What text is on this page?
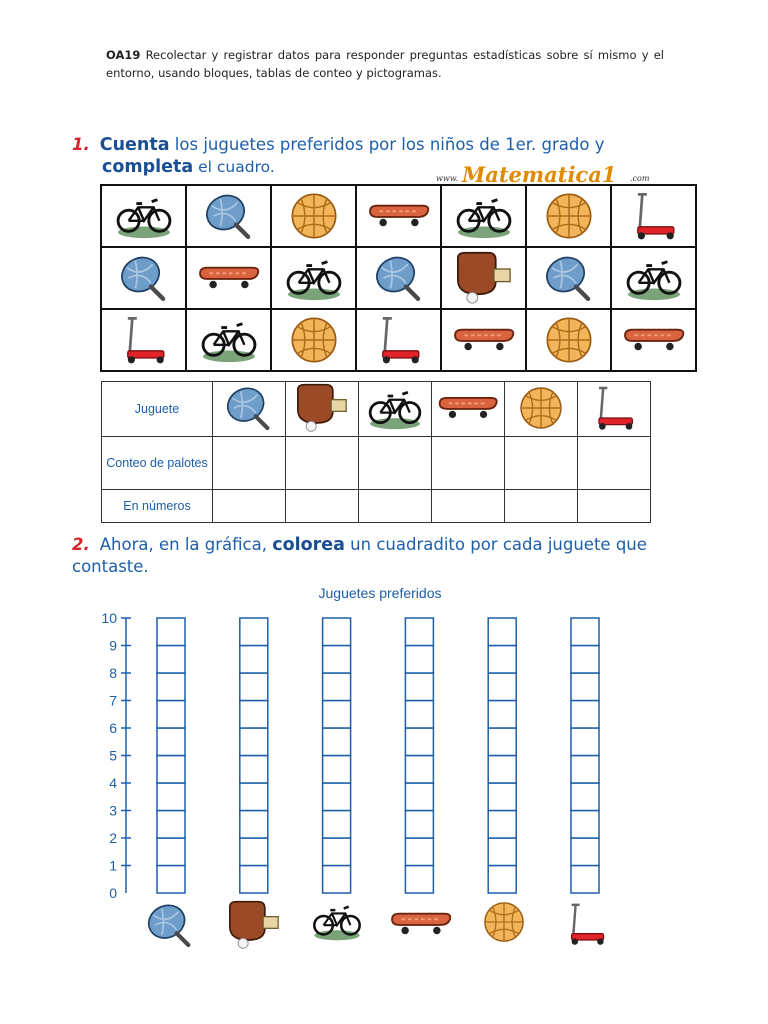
OA19 Recolectar y registrar datos para responder preguntas estadísticas sobre sí mismo y el entorno, usando bloques, tablas de conteo y pictogramas.
1. Cuenta los juguetes preferidos por los niños de 1er. grado y
completa el cuadro.
www. Matematica1 .com

Juguete						
Conteo de palotes						
En números						
2. Ahora, en la gráfica, colorea un cuadradito por cada juguete que contaste.
Juguetes preferidos
0
1
2
3
4
5
6
7
8
9
10
